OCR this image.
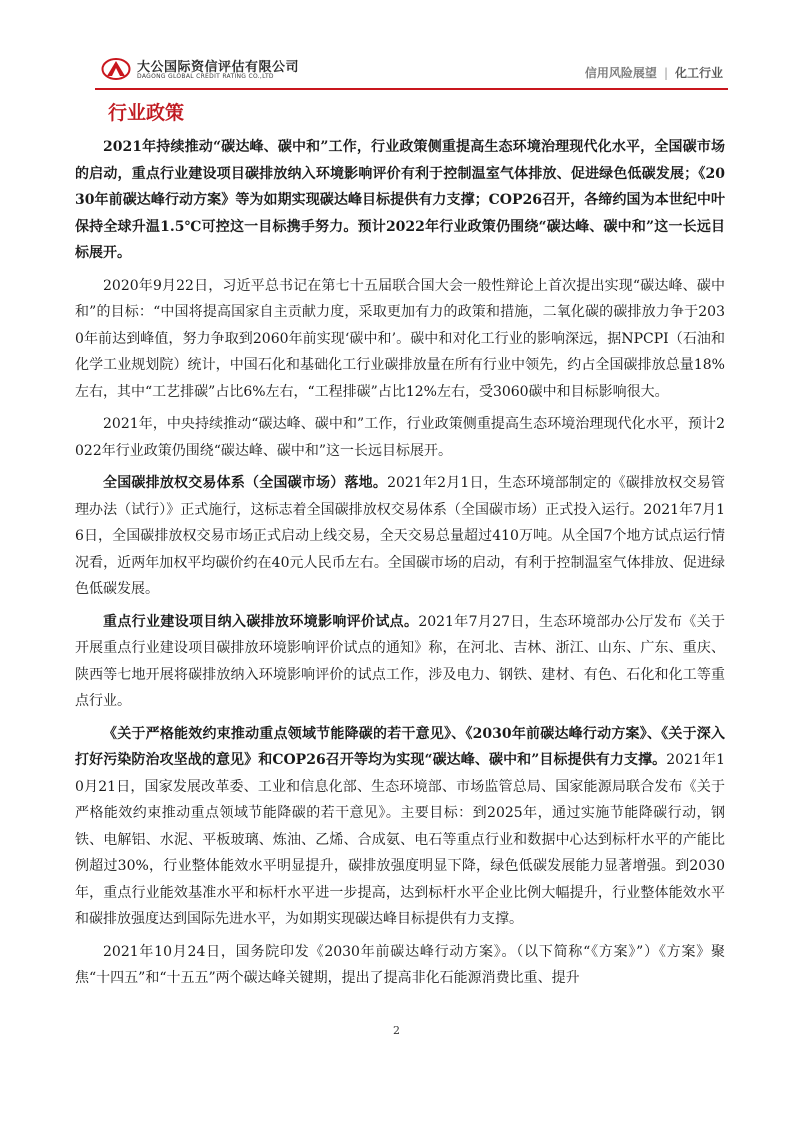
大公国际资信评估有限公司
DAGONG GLOBAL CREDIT RATING CO.,LTD	信用风险展望 | 化工行业
行业政策

2021年持续推动“碳达峰、碳中和”工作，行业政策侧重提高生态环境治理现代化水平，全国碳市场的启动，重点行业建设项目碳排放纳入环境影响评价有利于控制温室气体排放、促进绿色低碳发展；《2030年前碳达峰行动方案》等为如期实现碳达峰目标提供有力支撑；COP26召开，各缔约国为本世纪中叶保持全球升温1.5℃可控这一目标携手努力。预计2022年行业政策仍围绕“碳达峰、碳中和”这一长远目标展开。

2020年9月22日，习近平总书记在第七十五届联合国大会一般性辩论上首次提出实现“碳达峰、碳中和”的目标：“中国将提高国家自主贡献力度，采取更加有力的政策和措施，二氧化碳的碳排放力争于2030年前达到峰值，努力争取到2060年前实现‘碳中和’。碳中和对化工行业的影响深远，据NPCPI（石油和化学工业规划院）统计，中国石化和基础化工行业碳排放量在所有行业中领先，约占全国碳排放总量18%左右，其中“工艺排碳”占比6%左右，“工程排碳”占比12%左右，受3060碳中和目标影响很大。

2021年，中央持续推动“碳达峰、碳中和”工作，行业政策侧重提高生态环境治理现代化水平，预计2022年行业政策仍围绕“碳达峰、碳中和”这一长远目标展开。

全国碳排放权交易体系（全国碳市场）落地。2021年2月1日，生态环境部制定的《碳排放权交易管理办法（试行）》正式施行，这标志着全国碳排放权交易体系（全国碳市场）正式投入运行。2021年7月16日，全国碳排放权交易市场正式启动上线交易，全天交易总量超过410万吨。从全国7个地方试点运行情况看，近两年加权平均碳价约在40元人民币左右。全国碳市场的启动，有利于控制温室气体排放、促进绿色低碳发展。

重点行业建设项目纳入碳排放环境影响评价试点。2021年7月27日，生态环境部办公厅发布《关于开展重点行业建设项目碳排放环境影响评价试点的通知》称，在河北、吉林、浙江、山东、广东、重庆、陕西等七地开展将碳排放纳入环境影响评价的试点工作，涉及电力、钢铁、建材、有色、石化和化工等重点行业。

《关于严格能效约束推动重点领域节能降碳的若干意见》、《2030年前碳达峰行动方案》、《关于深入打好污染防治攻坚战的意见》和COP26召开等均为实现“碳达峰、碳中和”目标提供有力支撑。2021年10月21日，国家发展改革委、工业和信息化部、生态环境部、市场监管总局、国家能源局联合发布《关于严格能效约束推动重点领域节能降碳的若干意见》。主要目标：到2025年，通过实施节能降碳行动，钢铁、电解铝、水泥、平板玻璃、炼油、乙烯、合成氨、电石等重点行业和数据中心达到标杆水平的产能比例超过30%，行业整体能效水平明显提升，碳排放强度明显下降，绿色低碳发展能力显著增强。到2030年，重点行业能效基准水平和标杆水平进一步提高，达到标杆水平企业比例大幅提升，行业整体能效水平和碳排放强度达到国际先进水平，为如期实现碳达峰目标提供有力支撑。

2021年10月24日，国务院印发《2030年前碳达峰行动方案》。（以下简称“《方案》”）《方案》聚焦“十四五”和“十五五”两个碳达峰关键期，提出了提高非化石能源消费比重、提升

2
